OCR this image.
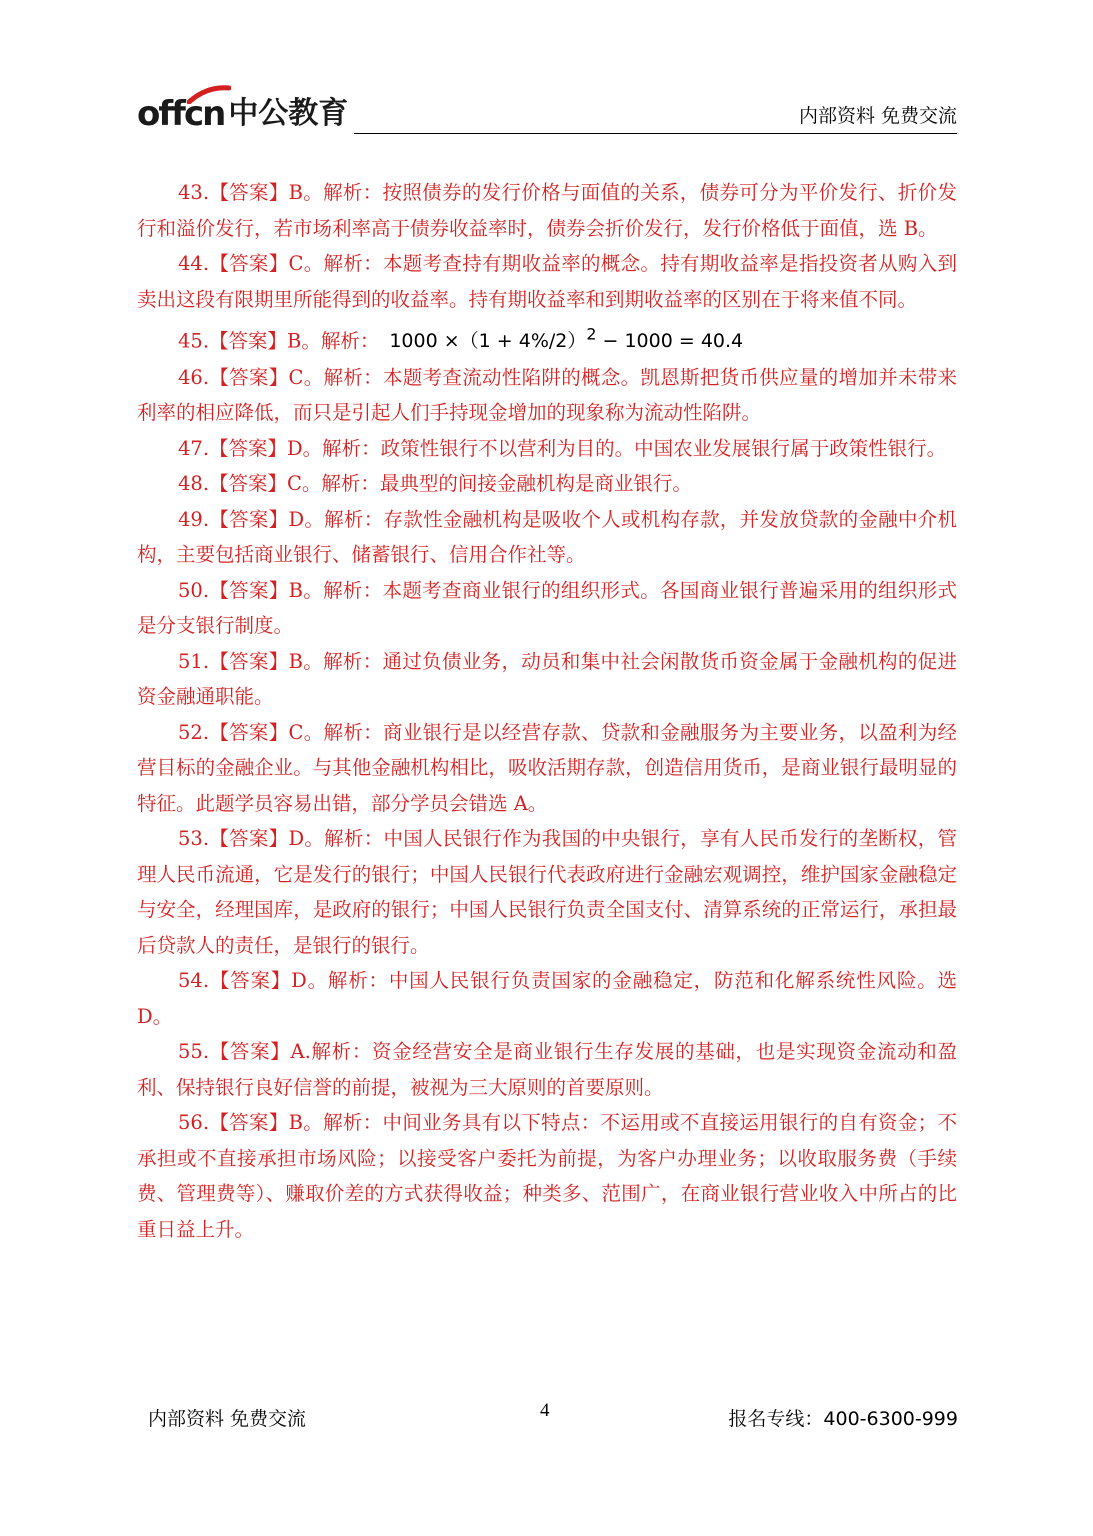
offcn 中公教育	内部资料 免费交流

43.【答案】B。解析：按照债券的发行价格与面值的关系，债券可分为平价发行、折价发行和溢价发行，若市场利率高于债券收益率时，债券会折价发行，发行价格低于面值，选 B。

44.【答案】C。解析：本题考查持有期收益率的概念。持有期收益率是指投资者从购入到卖出这段有限期里所能得到的收益率。持有期收益率和到期收益率的区别在于将来值不同。

45.【答案】B。解析： $1000 \times(1 + 4\%/2)^2 - 1000 = 40.4$

46.【答案】C。解析：本题考查流动性陷阱的概念。凯恩斯把货币供应量的增加并未带来利率的相应降低，而只是引起人们手持现金增加的现象称为流动性陷阱。

47.【答案】D。解析：政策性银行不以营利为目的。中国农业发展银行属于政策性银行。

48.【答案】C。解析：最典型的间接金融机构是商业银行。

49.【答案】D。解析：存款性金融机构是吸收个人或机构存款，并发放贷款的金融中介机构，主要包括商业银行、储蓄银行、信用合作社等。

50.【答案】B。解析：本题考查商业银行的组织形式。各国商业银行普遍采用的组织形式是分支银行制度。

51.【答案】B。解析：通过负债业务，动员和集中社会闲散货币资金属于金融机构的促进资金融通职能。

52.【答案】C。解析：商业银行是以经营存款、贷款和金融服务为主要业务，以盈利为经营目标的金融企业。与其他金融机构相比，吸收活期存款，创造信用货币，是商业银行最明显的特征。此题学员容易出错，部分学员会错选 A。

53.【答案】D。解析：中国人民银行作为我国的中央银行，享有人民币发行的垄断权，管理人民币流通，它是发行的银行；中国人民银行代表政府进行金融宏观调控，维护国家金融稳定与安全，经理国库，是政府的银行；中国人民银行负责全国支付、清算系统的正常运行，承担最后贷款人的责任，是银行的银行。

54.【答案】D。解析：中国人民银行负责国家的金融稳定，防范和化解系统性风险。选 D。

55.【答案】A.解析：资金经营安全是商业银行生存发展的基础，也是实现资金流动和盈利、保持银行良好信誉的前提，被视为三大原则的首要原则。

56.【答案】B。解析：中间业务具有以下特点：不运用或不直接运用银行的自有资金；不承担或不直接承担市场风险；以接受客户委托为前提，为客户办理业务；以收取服务费（手续费、管理费等）、赚取价差的方式获得收益；种类多、范围广，在商业银行营业收入中所占的比重日益上升。

内部资料 免费交流	4	报名专线：400-6300-999
